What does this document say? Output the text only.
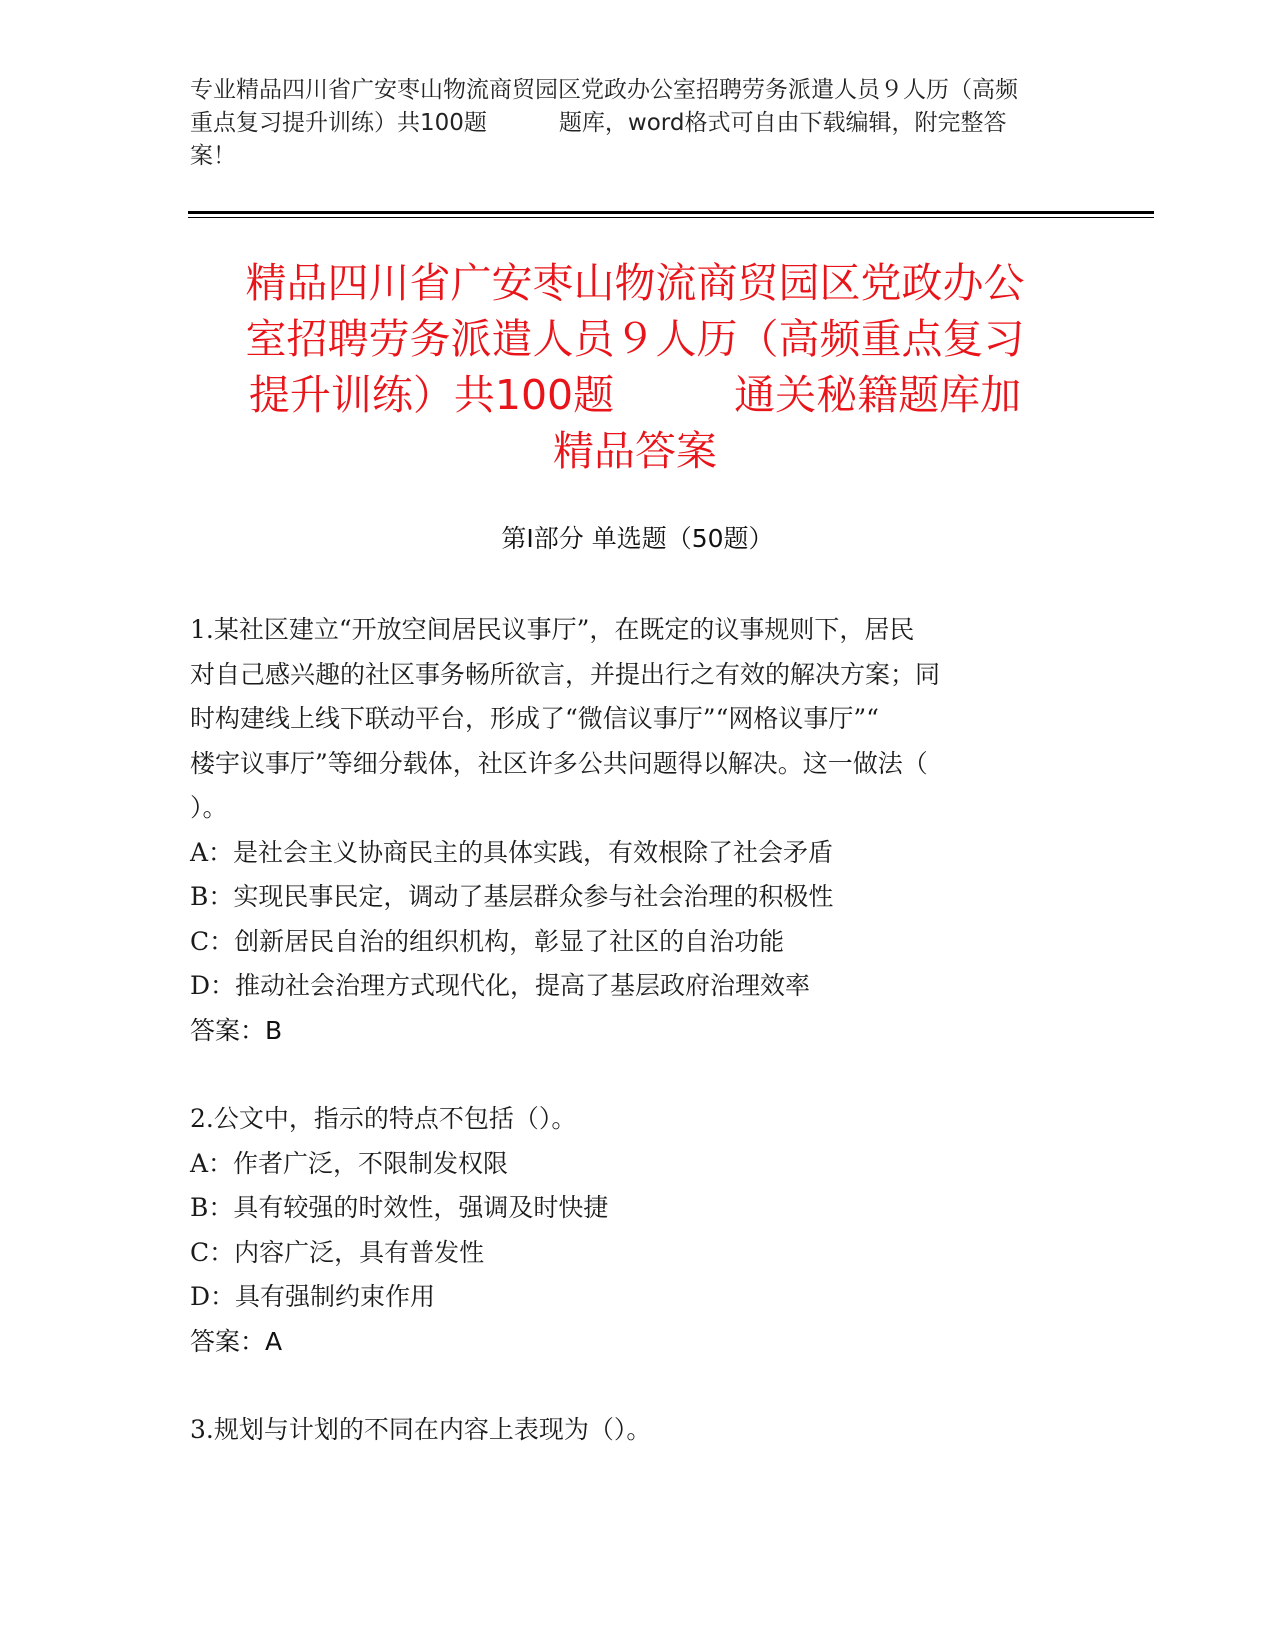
专业精品四川省广安枣山物流商贸园区党政办公室招聘劳务派遣人员９人历（高频
重点复习提升训练）共100题	题库，word格式可自由下载编辑，附完整答
案！
精品四川省广安枣山物流商贸园区党政办公
室招聘劳务派遣人员９人历（高频重点复习
提升训练）共100题	通关秘籍题库加
精品答案
第Ⅰ部分 单选题（50题）

1.某社区建立“开放空间居民议事厅”，在既定的议事规则下，居民

对自己感兴趣的社区事务畅所欲言，并提出行之有效的解决方案；同

时构建线上线下联动平台，形成了“微信议事厅”“网格议事厅”“

楼宇议事厅”等细分载体，社区许多公共问题得以解决。这一做法（

）。

A：是社会主义协商民主的具体实践，有效根除了社会矛盾

B：实现民事民定，调动了基层群众参与社会治理的积极性

C：创新居民自治的组织机构，彰显了社区的自治功能

D：推动社会治理方式现代化，提高了基层政府治理效率

答案：B

2.公文中，指示的特点不包括（）。

A：作者广泛，不限制发权限

B：具有较强的时效性，强调及时快捷

C：内容广泛，具有普发性

D：具有强制约束作用

答案：A

3.规划与计划的不同在内容上表现为（）。
